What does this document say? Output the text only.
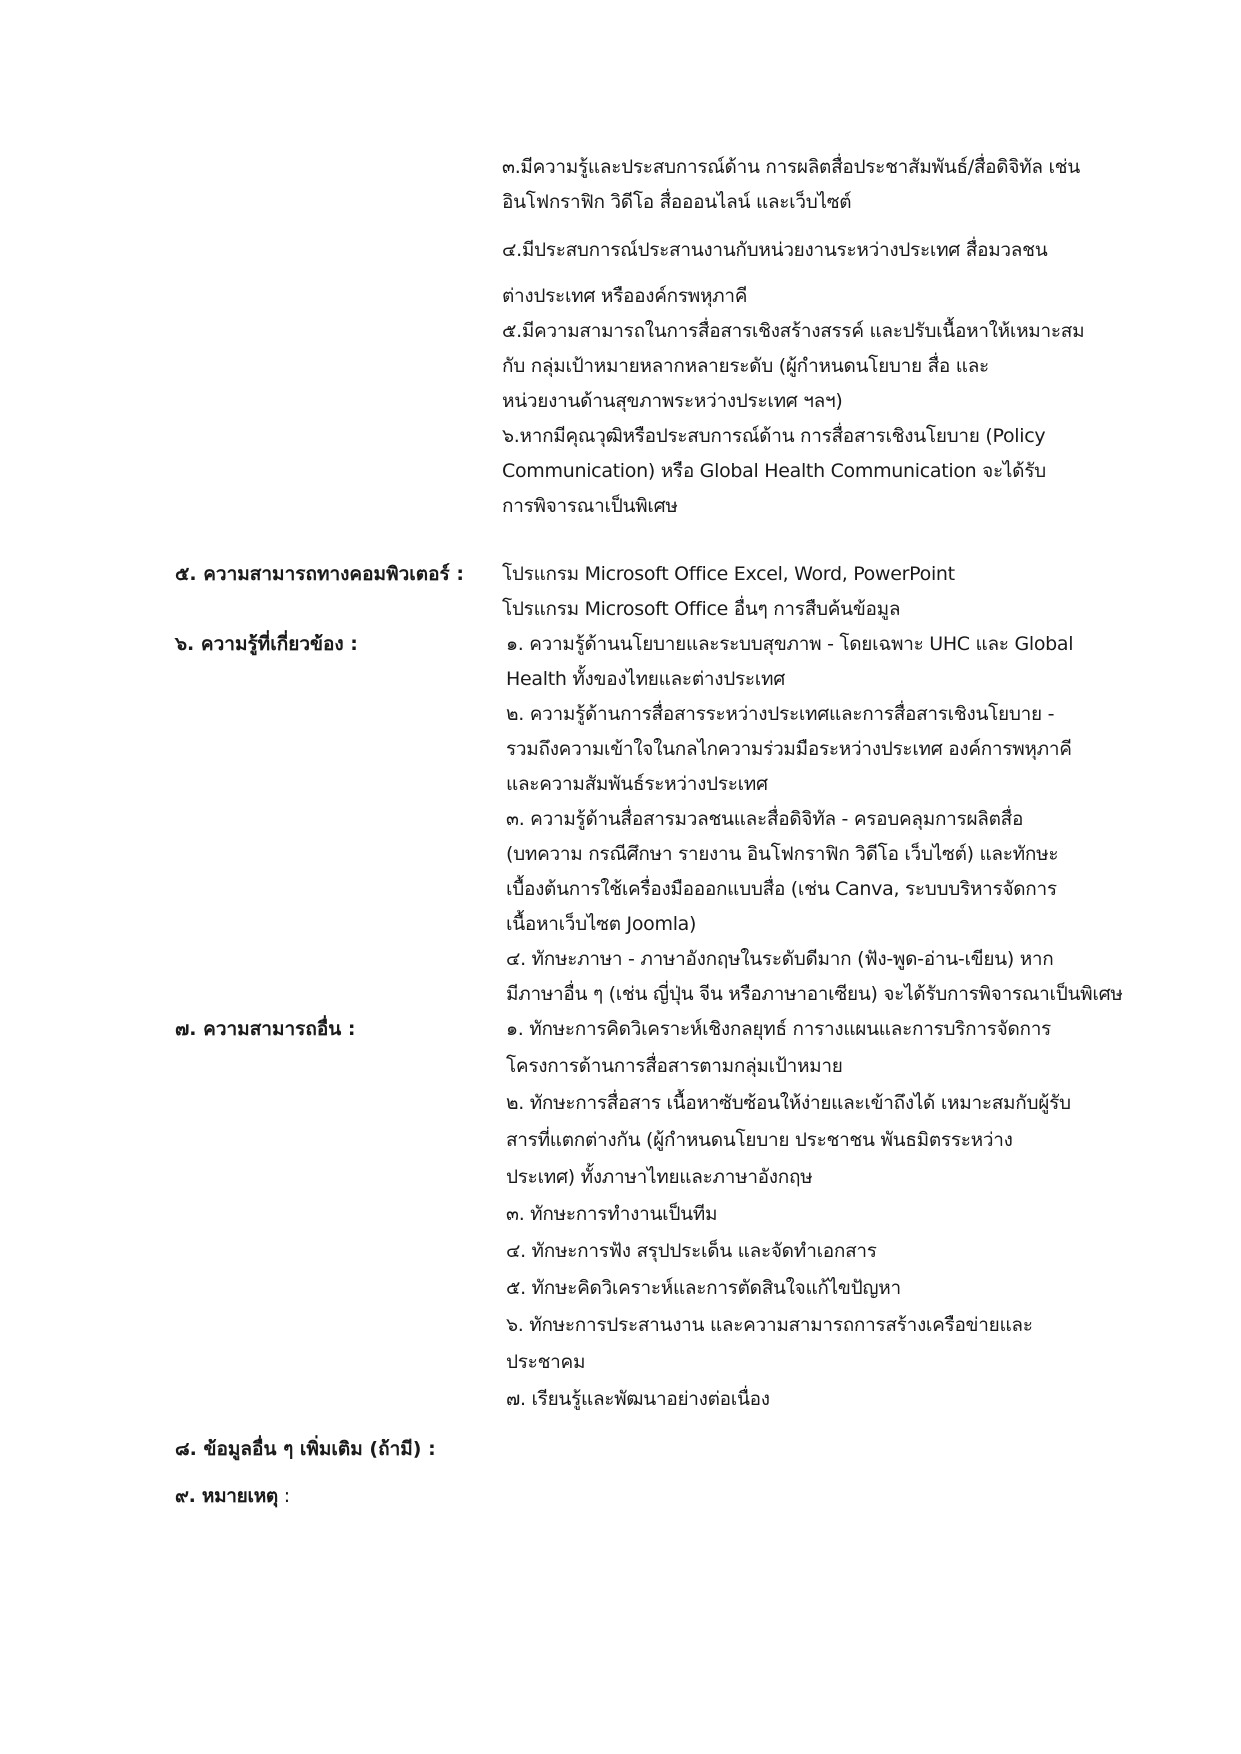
๓.มีความรู้และประสบการณ์ด้าน การผลิตสื่อประชาสัมพันธ์/สื่อดิจิทัล เช่น
อินโฟกราฟิก วิดีโอ สื่อออนไลน์ และเว็บไซต์
๔.มีประสบการณ์ประสานงานกับหน่วยงานระหว่างประเทศ สื่อมวลชน
ต่างประเทศ หรือองค์กรพหุภาคี
๕.มีความสามารถในการสื่อสารเชิงสร้างสรรค์ และปรับเนื้อหาให้เหมาะสม
กับ กลุ่มเป้าหมายหลากหลายระดับ (ผู้กำหนดนโยบาย สื่อ และ
หน่วยงานด้านสุขภาพระหว่างประเทศ ฯลฯ)
๖.หากมีคุณวุฒิหรือประสบการณ์ด้าน การสื่อสารเชิงนโยบาย (Policy
Communication) หรือ Global Health Communication จะได้รับ
การพิจารณาเป็นพิเศษ
๕. ความสามารถทางคอมพิวเตอร์ : โปรแกรม Microsoft Office Excel, Word, PowerPoint
โปรแกรม Microsoft Office อื่นๆ การสืบค้นข้อมูล
๖. ความรู้ที่เกี่ยวข้อง :	๑. ความรู้ด้านนโยบายและระบบสุขภาพ - โดยเฉพาะ UHC และ Global
Health ทั้งของไทยและต่างประเทศ
๒. ความรู้ด้านการสื่อสารระหว่างประเทศและการสื่อสารเชิงนโยบาย -
รวมถึงความเข้าใจในกลไกความร่วมมือระหว่างประเทศ องค์การพหุภาคี
และความสัมพันธ์ระหว่างประเทศ
๓. ความรู้ด้านสื่อสารมวลชนและสื่อดิจิทัล - ครอบคลุมการผลิตสื่อ
(บทความ กรณีศึกษา รายงาน อินโฟกราฟิก วิดีโอ เว็บไซต์) และทักษะ
เบื้องต้นการใช้เครื่องมือออกแบบสื่อ (เช่น Canva, ระบบบริหารจัดการ
เนื้อหาเว็บไซต Joomla)
๔. ทักษะภาษา - ภาษาอังกฤษในระดับดีมาก (ฟัง-พูด-อ่าน-เขียน) หาก
มีภาษาอื่น ๆ (เช่น ญี่ปุ่น จีน หรือภาษาอาเซียน) จะได้รับการพิจารณาเป็นพิเศษ
๗. ความสามารถอื่น :	๑. ทักษะการคิดวิเคราะห์เชิงกลยุทธ์ การางแผนและการบริการจัดการ
โครงการด้านการสื่อสารตามกลุ่มเป้าหมาย
๒. ทักษะการสื่อสาร เนื้อหาซับซ้อนให้ง่ายและเข้าถึงได้ เหมาะสมกับผู้รับ
สารที่แตกต่างกัน (ผู้กำหนดนโยบาย ประชาชน พันธมิตรระหว่าง
ประเทศ) ทั้งภาษาไทยและภาษาอังกฤษ
๓. ทักษะการทำงานเป็นทีม
๔. ทักษะการฟัง สรุปประเด็น และจัดทำเอกสาร
๕. ทักษะคิดวิเคราะห์และการตัดสินใจแก้ไขปัญหา
๖. ทักษะการประสานงาน และความสามารถการสร้างเครือข่ายและ
ประชาคม
๗. เรียนรู้และพัฒนาอย่างต่อเนื่อง
๘. ข้อมูลอื่น ๆ เพิ่มเติม (ถ้ามี) :
๙. หมายเหตุ :
